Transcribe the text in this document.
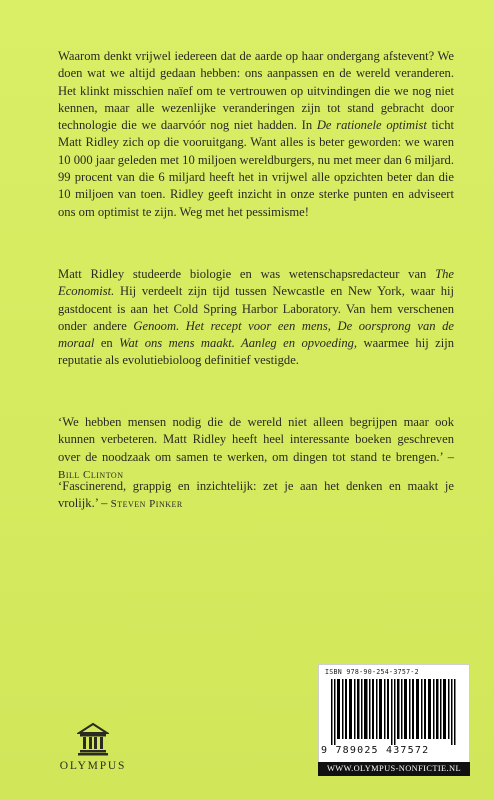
Waarom denkt vrijwel iedereen dat de aarde op haar ondergang afstevent? We doen wat we altijd gedaan hebben: ons aanpassen en de wereld veranderen. Het klinkt misschien naïef om te vertrouwen op uitvindingen die we nog niet kennen, maar alle wezenlijke veranderingen zijn tot stand gebracht door technologie die we daarvóór nog niet hadden. In De rationele optimist ticht Matt Ridley zich op die vooruitgang. Want alles is beter geworden: we waren 10 000 jaar geleden met 10 miljoen wereldburgers, nu met meer dan 6 miljard. 99 procent van die 6 miljard heeft het in vrijwel alle opzichten beter dan die 10 miljoen van toen. Ridley geeft inzicht in onze sterke punten en adviseert ons om optimist te zijn. Weg met het pessimisme!

Matt Ridley studeerde biologie en was wetenschapsredacteur van The Economist. Hij verdeelt zijn tijd tussen Newcastle en New York, waar hij gastdocent is aan het Cold Spring Harbor Laboratory. Van hem verschenen onder andere Genoom. Het recept voor een mens, De oorsprong van de moraal en Wat ons mens maakt. Aanleg en opvoeding, waarmee hij zijn reputatie als evolutiebioloog definitief vestigde.

‘We hebben mensen nodig die de wereld niet alleen begrijpen maar ook kunnen verbeteren. Matt Ridley heeft heel interessante boeken geschreven over de noodzaak om samen te werken, om dingen tot stand te brengen.’ – Bill Clinton

‘Fascinerend, grappig en inzichtelijk: zet je aan het denken en maakt je vrolijk.’ – Steven Pinker

OLYMPUS
ISBN 978-90-254-3757-2
9 789025 437572
WWW.OLYMPUS-NONFICTIE.NL
